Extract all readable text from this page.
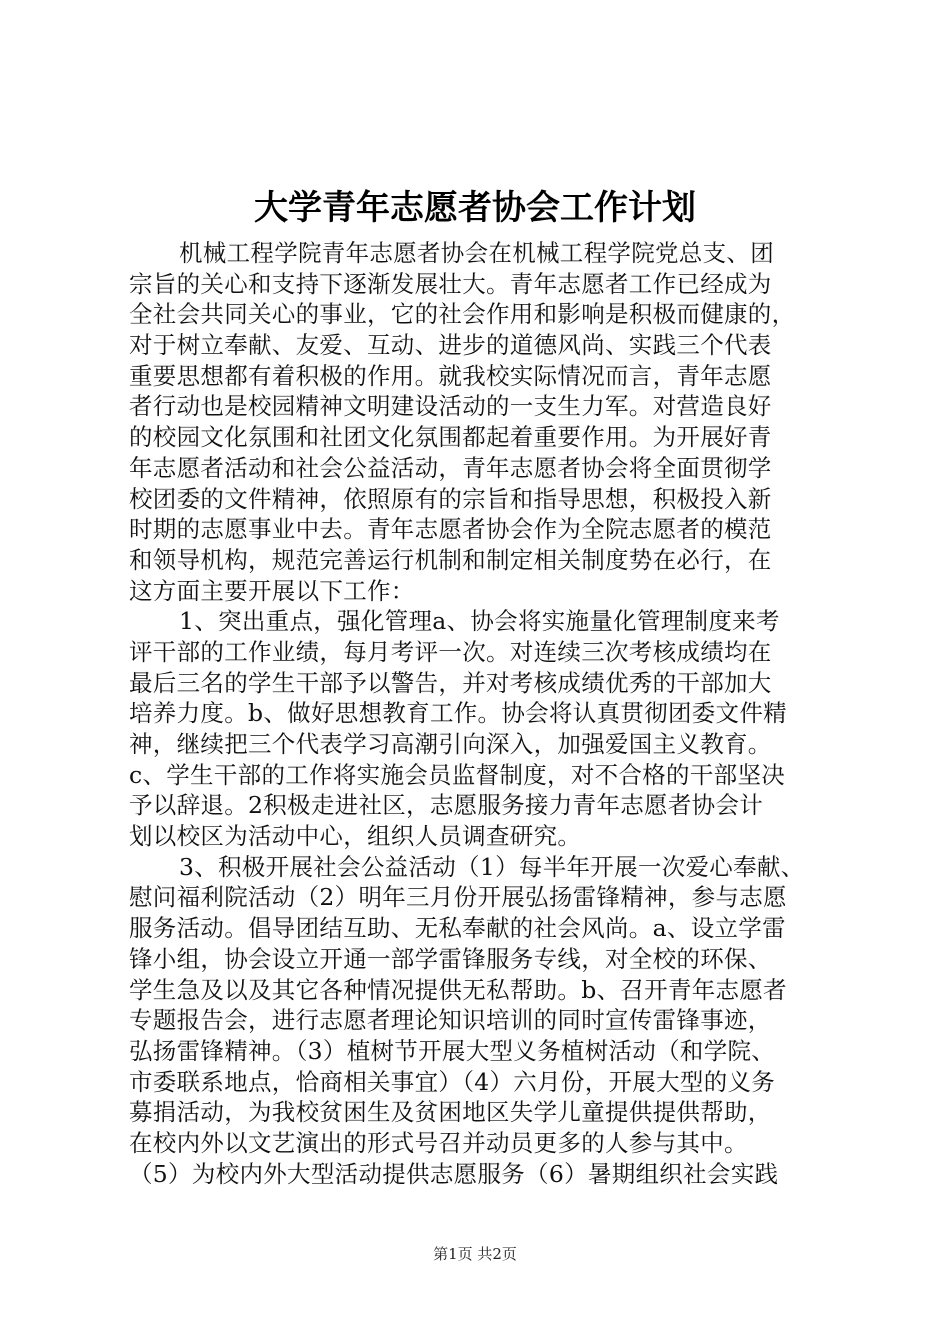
大学青年志愿者协会工作计划
机械工程学院青年志愿者协会在机械工程学院党总支、团
宗旨的关心和支持下逐渐发展壮大。青年志愿者工作已经成为
全社会共同关心的事业，它的社会作用和影响是积极而健康的，
对于树立奉献、友爱、互动、进步的道德风尚、实践三个代表
重要思想都有着积极的作用。就我校实际情况而言，青年志愿
者行动也是校园精神文明建设活动的一支生力军。对营造良好
的校园文化氛围和社团文化氛围都起着重要作用。为开展好青
年志愿者活动和社会公益活动，青年志愿者协会将全面贯彻学
校团委的文件精神，依照原有的宗旨和指导思想，积极投入新
时期的志愿事业中去。青年志愿者协会作为全院志愿者的模范
和领导机构，规范完善运行机制和制定相关制度势在必行，在
这方面主要开展以下工作：
1、突出重点，强化管理a、协会将实施量化管理制度来考
评干部的工作业绩，每月考评一次。对连续三次考核成绩均在
最后三名的学生干部予以警告，并对考核成绩优秀的干部加大
培养力度。b、做好思想教育工作。协会将认真贯彻团委文件精
神，继续把三个代表学习高潮引向深入，加强爱国主义教育。
c、学生干部的工作将实施会员监督制度，对不合格的干部坚决
予以辞退。2积极走进社区，志愿服务接力青年志愿者协会计
划以校区为活动中心，组织人员调查研究。
3、积极开展社会公益活动（1）每半年开展一次爱心奉献、
慰问福利院活动（2）明年三月份开展弘扬雷锋精神，参与志愿
服务活动。倡导团结互助、无私奉献的社会风尚。a、设立学雷
锋小组，协会设立开通一部学雷锋服务专线，对全校的环保、
学生急及以及其它各种情况提供无私帮助。b、召开青年志愿者
专题报告会，进行志愿者理论知识培训的同时宣传雷锋事迹，
弘扬雷锋精神。（3）植树节开展大型义务植树活动（和学院、
市委联系地点，恰商相关事宜）（4）六月份，开展大型的义务
募捐活动，为我校贫困生及贫困地区失学儿童提供提供帮助，
在校内外以文艺演出的形式号召并动员更多的人参与其中。
（5）为校内外大型活动提供志愿服务（6）暑期组织社会实践
第1页 共2页
